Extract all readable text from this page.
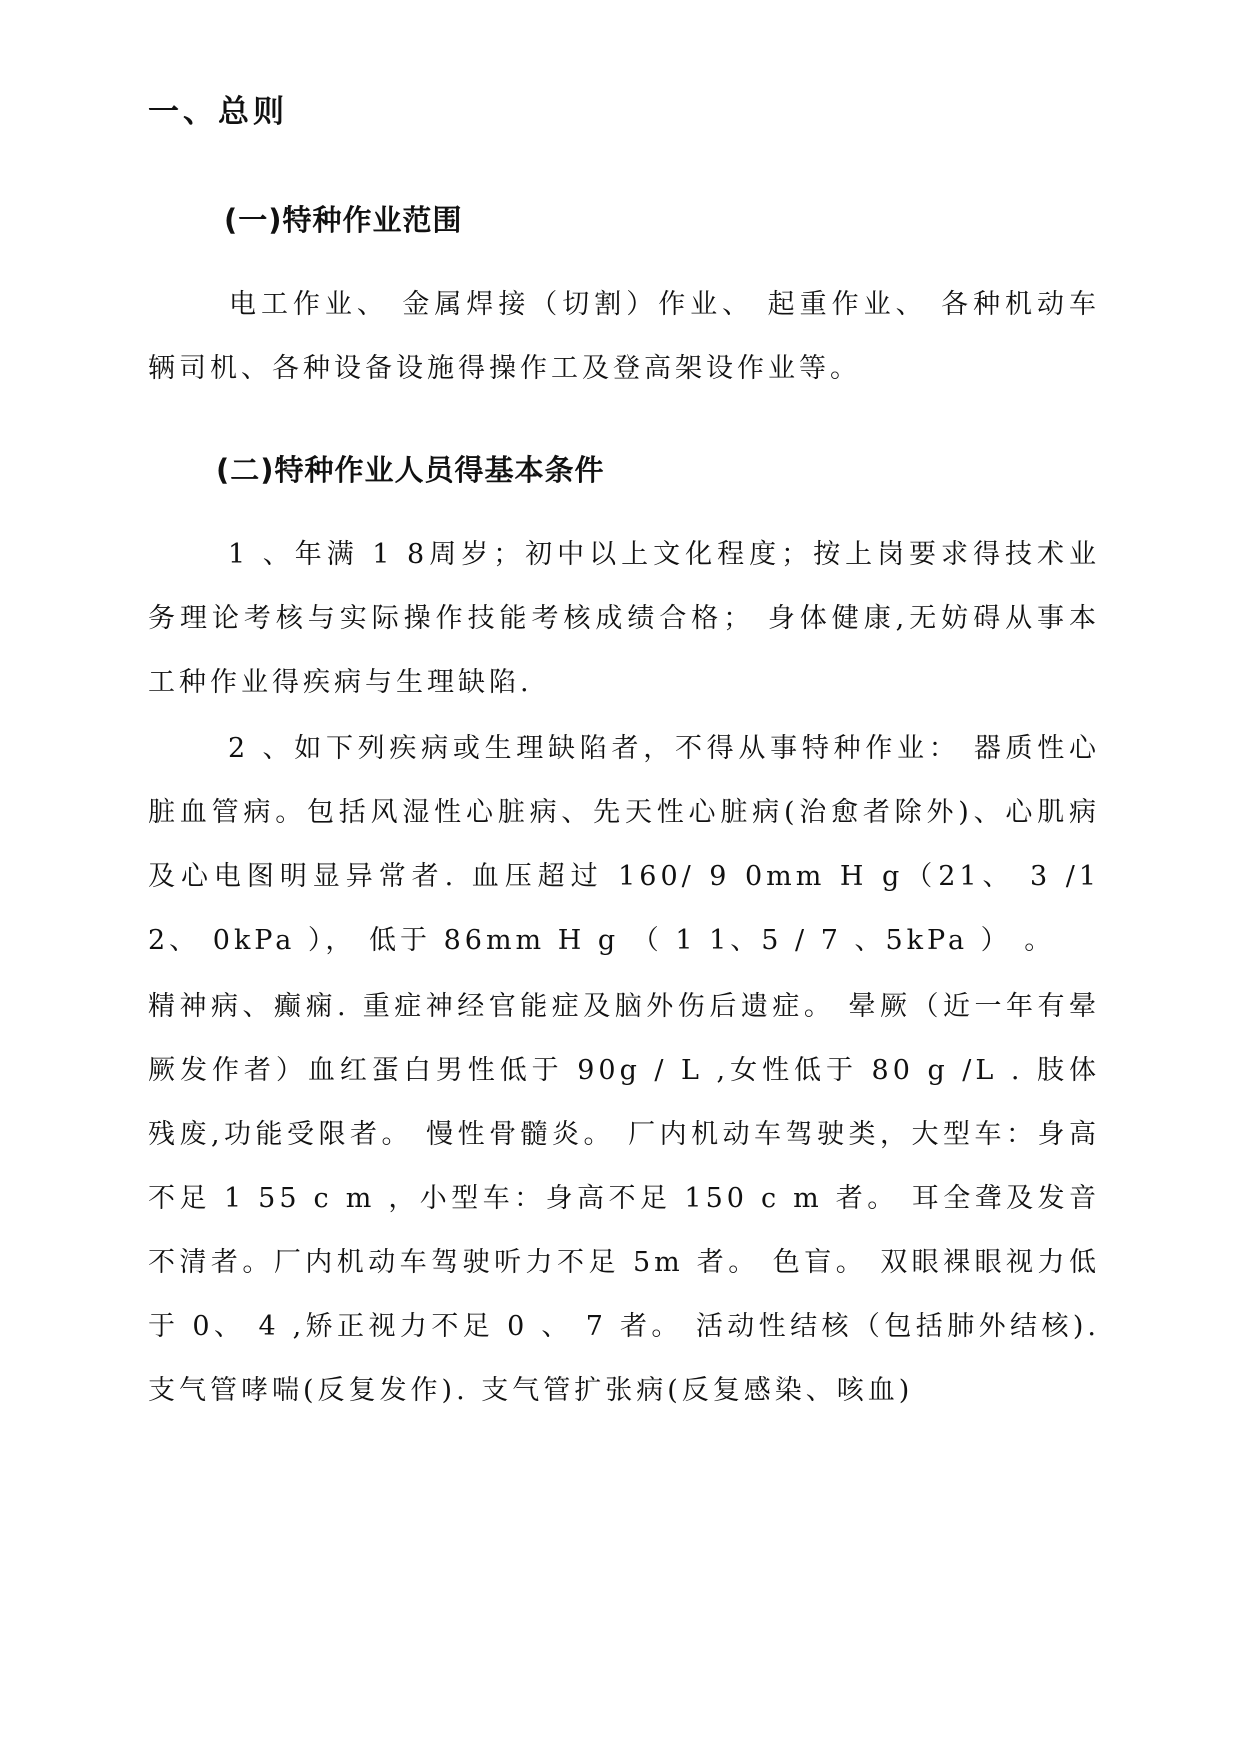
一、总则
(一)特种作业范围
电工作业、 金属焊接（切割）作业、 起重作业、 各种机动车辆司机、各种设备设施得操作工及登高架设作业等。
(二)特种作业人员得基本条件
1 、年满 1 8周岁；初中以上文化程度；按上岗要求得技术业务理论考核与实际操作技能考核成绩合格； 身体健康,无妨碍从事本工种作业得疾病与生理缺陷.
2 、如下列疾病或生理缺陷者，不得从事特种作业： 器质性心脏血管病。包括风湿性心脏病、先天性心脏病(治愈者除外)、心肌病及心电图明显异常者. 血压超过 160/ 9 0mm H g（21、 3 /12、 0kPa ）， 低于 86mm H g （ 1 1、5 / 7 、5kPa ） 。
精神病、癫痫. 重症神经官能症及脑外伤后遗症。 晕厥（近一年有晕厥发作者）血红蛋白男性低于 90g / L ,女性低于 80 g /L . 肢体残废,功能受限者。 慢性骨髓炎。 厂内机动车驾驶类，大型车：身高不足 1 55 c m ，小型车：身高不足 150 c m 者。 耳全聋及发音不清者。厂内机动车驾驶听力不足 5m 者。 色盲。 双眼裸眼视力低于 0、 4 ,矫正视力不足 0 、 7 者。 活动性结核（包括肺外结核). 支气管哮喘(反复发作). 支气管扩张病(反复感染、咳血)
